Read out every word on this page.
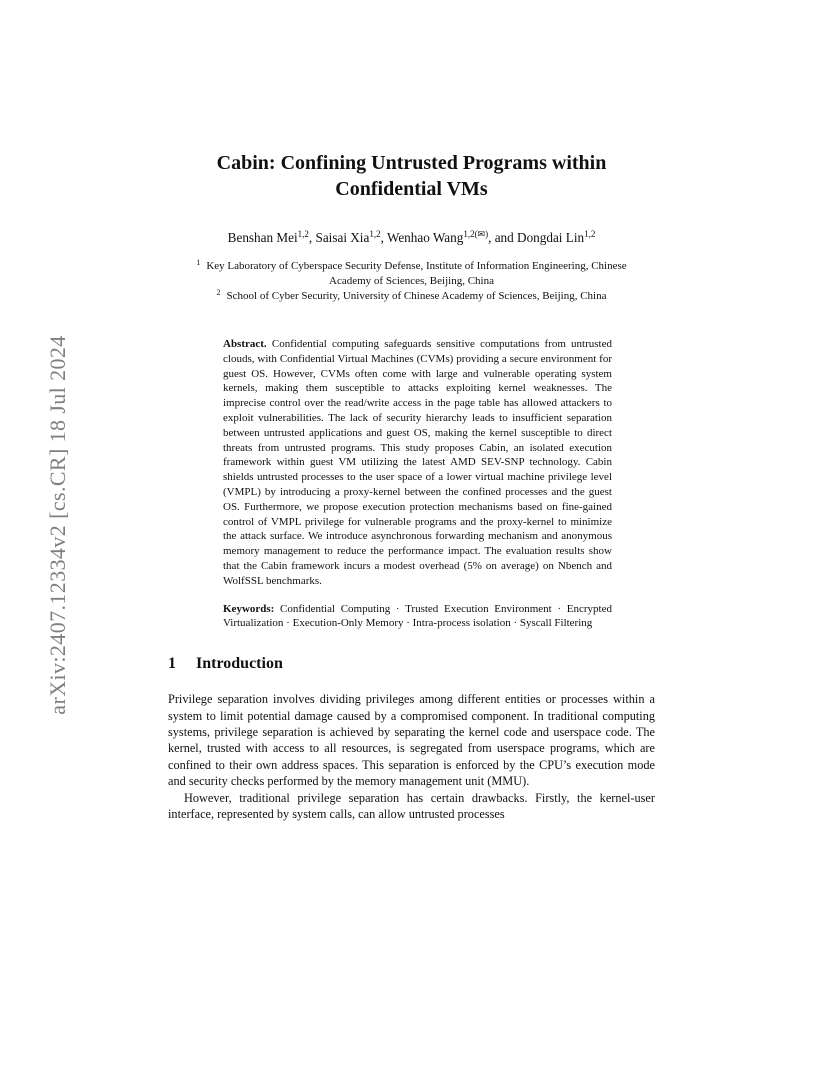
arXiv:2407.12334v2 [cs.CR] 18 Jul 2024
Cabin: Confining Untrusted Programs within Confidential VMs
Benshan Mei$^{1,2}$, Saisai Xia$^{1,2}$, Wenhao Wang$^{1,2(✉)}$, and Dongdai Lin$^{1,2}$
$^1$ Key Laboratory of Cyberspace Security Defense, Institute of Information Engineering, Chinese Academy of Sciences, Beijing, China
$^2$ School of Cyber Security, University of Chinese Academy of Sciences, Beijing, China
Abstract. Confidential computing safeguards sensitive computations from untrusted clouds, with Confidential Virtual Machines (CVMs) providing a secure environment for guest OS. However, CVMs often come with large and vulnerable operating system kernels, making them susceptible to attacks exploiting kernel weaknesses. The imprecise control over the read/write access in the page table has allowed attackers to exploit vulnerabilities. The lack of security hierarchy leads to insufficient separation between untrusted applications and guest OS, making the kernel susceptible to direct threats from untrusted programs. This study proposes Cabin, an isolated execution framework within guest VM utilizing the latest AMD SEV-SNP technology. Cabin shields untrusted processes to the user space of a lower virtual machine privilege level (VMPL) by introducing a proxy-kernel between the confined processes and the guest OS. Furthermore, we propose execution protection mechanisms based on fine-gained control of VMPL privilege for vulnerable programs and the proxy-kernel to minimize the attack surface. We introduce asynchronous forwarding mechanism and anonymous memory management to reduce the performance impact. The evaluation results show that the Cabin framework incurs a modest overhead (5% on average) on Nbench and WolfSSL benchmarks.
Keywords: Confidential Computing · Trusted Execution Environment · Encrypted Virtualization · Execution-Only Memory · Intra-process isolation · Syscall Filtering
1 Introduction

Privilege separation involves dividing privileges among different entities or processes within a system to limit potential damage caused by a compromised component. In traditional computing systems, privilege separation is achieved by separating the kernel code and userspace code. The kernel, trusted with access to all resources, is segregated from userspace programs, which are confined to their own address spaces. This separation is enforced by the CPU’s execution mode and security checks performed by the memory management unit (MMU).

However, traditional privilege separation has certain drawbacks. Firstly, the kernel-user interface, represented by system calls, can allow untrusted processes
